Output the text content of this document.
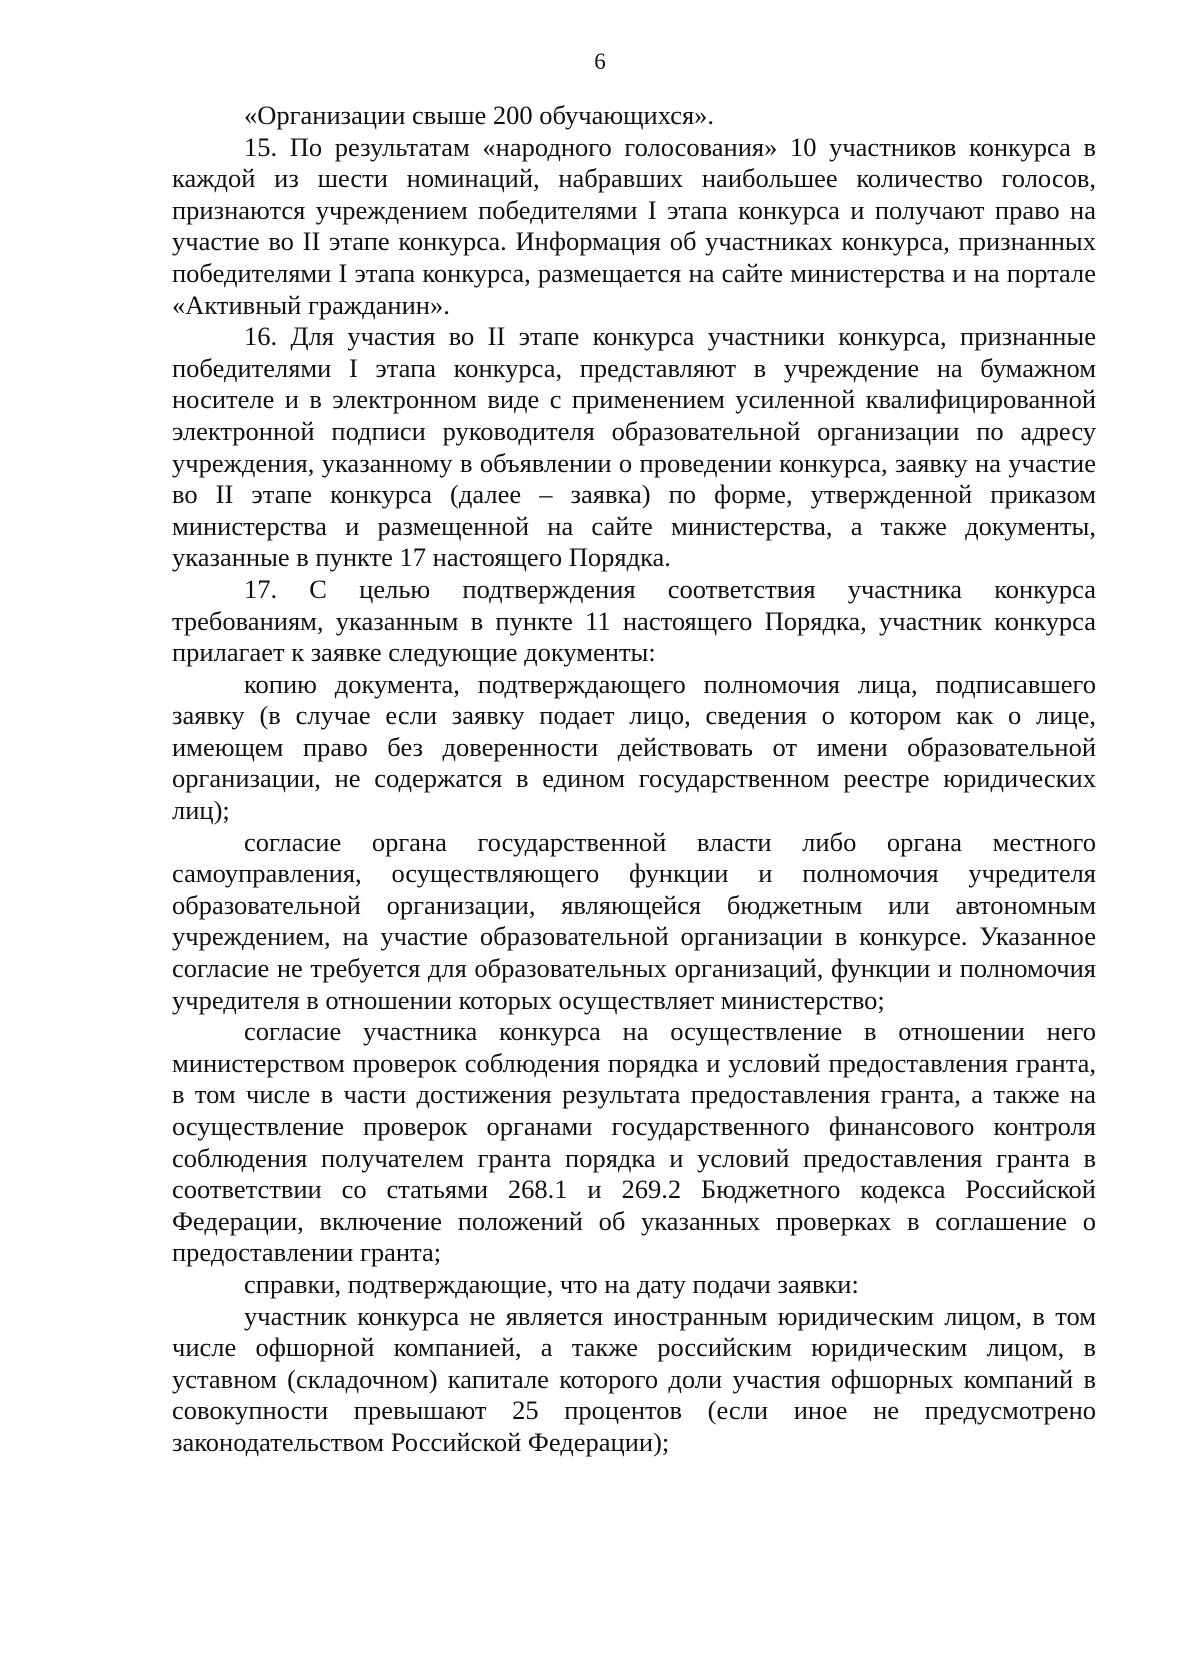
6

«Организации свыше 200 обучающихся».

15. По результатам «народного голосования» 10 участников конкурса в каждой из шести номинаций, набравших наибольшее количество голосов, признаются учреждением победителями I этапа конкурса и получают право на участие во II этапе конкурса. Информация об участниках конкурса, признанных победителями I этапа конкурса, размещается на сайте министерства и на портале «Активный гражданин».

16. Для участия во II этапе конкурса участники конкурса, признанные победителями I этапа конкурса, представляют в учреждение на бумажном носителе и в электронном виде с применением усиленной квалифицированной электронной подписи руководителя образовательной организации по адресу учреждения, указанному в объявлении о проведении конкурса, заявку на участие во II этапе конкурса (далее – заявка) по форме, утвержденной приказом министерства и размещенной на сайте министерства, а также документы, указанные в пункте 17 настоящего Порядка.

17. С целью подтверждения соответствия участника конкурса требованиям, указанным в пункте 11 настоящего Порядка, участник конкурса прилагает к заявке следующие документы:

копию документа, подтверждающего полномочия лица, подписавшего заявку (в случае если заявку подает лицо, сведения о котором как о лице, имеющем право без доверенности действовать от имени образовательной организации, не содержатся в едином государственном реестре юридических лиц);

согласие органа государственной власти либо органа местного самоуправления, осуществляющего функции и полномочия учредителя образовательной организации, являющейся бюджетным или автономным учреждением, на участие образовательной организации в конкурсе. Указанное согласие не требуется для образовательных организаций, функции и полномочия учредителя в отношении которых осуществляет министерство;

согласие участника конкурса на осуществление в отношении него министерством проверок соблюдения порядка и условий предоставления гранта, в том числе в части достижения результата предоставления гранта, а также на осуществление проверок органами государственного финансового контроля соблюдения получателем гранта порядка и условий предоставления гранта в соответствии со статьями 268.1 и 269.2 Бюджетного кодекса Российской Федерации, включение положений об указанных проверках в соглашение о предоставлении гранта;

справки, подтверждающие, что на дату подачи заявки:

участник конкурса не является иностранным юридическим лицом, в том числе офшорной компанией, а также российским юридическим лицом, в уставном (складочном) капитале которого доли участия офшорных компаний в совокупности превышают 25 процентов (если иное не предусмотрено законодательством Российской Федерации);
